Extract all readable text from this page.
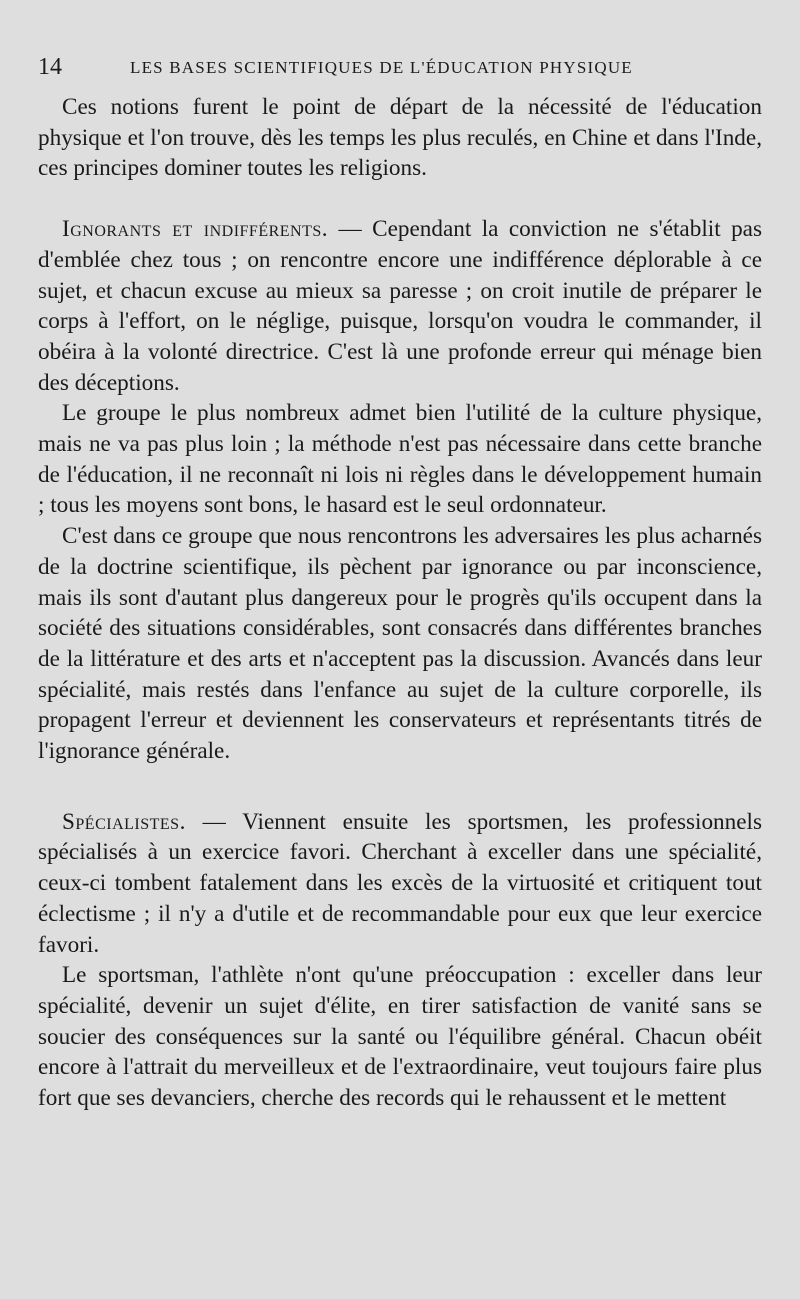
14	LES BASES SCIENTIFIQUES DE L'ÉDUCATION PHYSIQUE

Ces notions furent le point de départ de la nécessité de l'éducation physique et l'on trouve, dès les temps les plus reculés, en Chine et dans l'Inde, ces principes dominer toutes les religions.

Ignorants et indifférents. — Cependant la conviction ne s'établit pas d'emblée chez tous ; on rencontre encore une indifférence déplorable à ce sujet, et chacun excuse au mieux sa paresse ; on croit inutile de préparer le corps à l'effort, on le néglige, puisque, lorsqu'on voudra le commander, il obéira à la volonté directrice. C'est là une profonde erreur qui ménage bien des déceptions.

Le groupe le plus nombreux admet bien l'utilité de la culture physique, mais ne va pas plus loin ; la méthode n'est pas nécessaire dans cette branche de l'éducation, il ne reconnaît ni lois ni règles dans le développement humain ; tous les moyens sont bons, le hasard est le seul ordonnateur.

C'est dans ce groupe que nous rencontrons les adversaires les plus acharnés de la doctrine scientifique, ils pèchent par ignorance ou par inconscience, mais ils sont d'autant plus dangereux pour le progrès qu'ils occupent dans la société des situations considérables, sont consacrés dans différentes branches de la littérature et des arts et n'acceptent pas la discussion. Avancés dans leur spécialité, mais restés dans l'enfance au sujet de la culture corporelle, ils propagent l'erreur et deviennent les conservateurs et représentants titrés de l'ignorance générale.

Spécialistes. — Viennent ensuite les sportsmen, les professionnels spécialisés à un exercice favori. Cherchant à exceller dans une spécialité, ceux-ci tombent fatalement dans les excès de la virtuosité et critiquent tout éclectisme ; il n'y a d'utile et de recommandable pour eux que leur exercice favori.

Le sportsman, l'athlète n'ont qu'une préoccupation : exceller dans leur spécialité, devenir un sujet d'élite, en tirer satisfaction de vanité sans se soucier des conséquences sur la santé ou l'équilibre général. Chacun obéit encore à l'attrait du merveilleux et de l'extraordinaire, veut toujours faire plus fort que ses devanciers, cherche des records qui le rehaussent et le mettent
